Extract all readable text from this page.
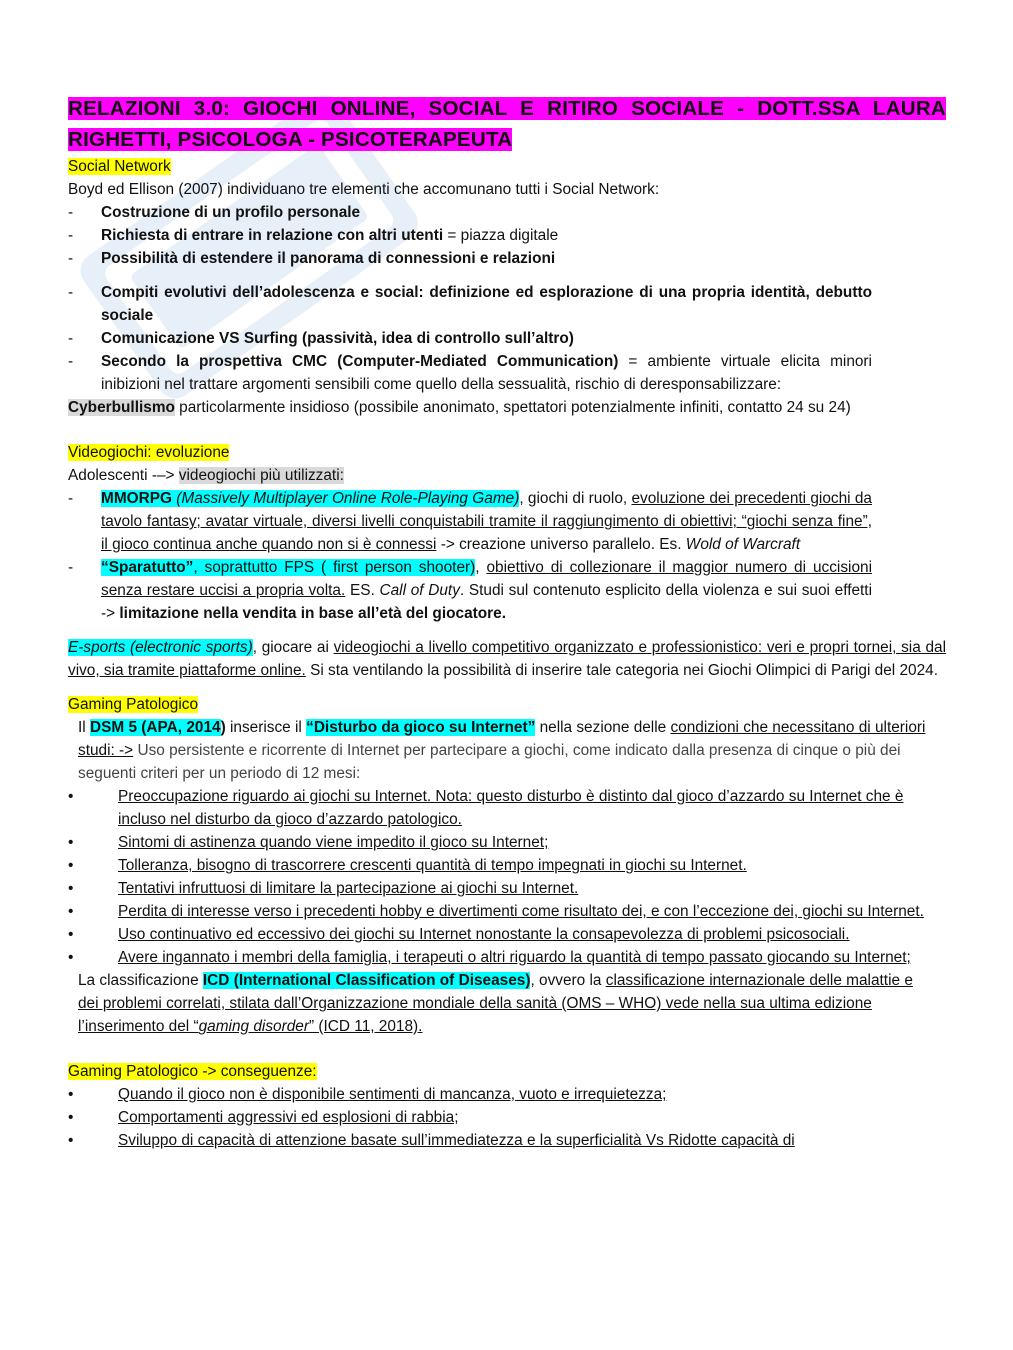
RELAZIONI 3.0: GIOCHI ONLINE, SOCIAL E RITIRO SOCIALE - DOTT.SSA LAURA RIGHETTI, PSICOLOGA - PSICOTERAPEUTA

Social Network

Boyd ed Ellison (2007) individuano tre elementi che accomunano tutti i Social Network:

-	Costruzione di un profilo personale
-	Richiesta di entrare in relazione con altri utenti = piazza digitale
-	Possibilità di estendere il panorama di connessioni e relazioni
-	Compiti evolutivi dell’adolescenza e social: definizione ed esplorazione di una propria identità, debutto sociale
-	Comunicazione VS Surfing (passività, idea di controllo sull’altro)
-	Secondo la prospettiva CMC (Computer-Mediated Communication) = ambiente virtuale elicita minori inibizioni nel trattare argomenti sensibili come quello della sessualità, rischio di deresponsabilizzare:

Cyberbullismo particolarmente insidioso (possibile anonimato, spettatori potenzialmente infiniti, contatto 24 su 24)

Videogiochi: evoluzione

Adolescenti -–> videogiochi più utilizzati:

-	MMORPG (Massively Multiplayer Online Role-Playing Game), giochi di ruolo, evoluzione dei precedenti giochi da tavolo fantasy; avatar virtuale, diversi livelli conquistabili tramite il raggiungimento di obiettivi; “giochi senza fine”, il gioco continua anche quando non si è connessi -> creazione universo parallelo. Es. Wold of Warcraft
-	“Sparatutto”, soprattutto FPS ( first person shooter), obiettivo di collezionare il maggior numero di uccisioni senza restare uccisi a propria volta. ES. Call of Duty. Studi sul contenuto esplicito della violenza e sui suoi effetti -> limitazione nella vendita in base all’età del giocatore.

E-sports (electronic sports), giocare ai videogiochi a livello competitivo organizzato e professionistico: veri e propri tornei, sia dal vivo, sia tramite piattaforme online. Si sta ventilando la possibilità di inserire tale categoria nei Giochi Olimpici di Parigi del 2024.

Gaming Patologico

Il DSM 5 (APA, 2014) inserisce il “Disturbo da gioco su Internet” nella sezione delle condizioni che necessitano di ulteriori studi: -> Uso persistente e ricorrente di Internet per partecipare a giochi, come indicato dalla presenza di cinque o più dei seguenti criteri per un periodo di 12 mesi:

•	Preoccupazione riguardo ai giochi su Internet. Nota: questo disturbo è distinto dal gioco d’azzardo su Internet che è incluso nel disturbo da gioco d’azzardo patologico.
•	Sintomi di astinenza quando viene impedito il gioco su Internet;
•	Tolleranza, bisogno di trascorrere crescenti quantità di tempo impegnati in giochi su Internet.
•	Tentativi infruttuosi di limitare la partecipazione ai giochi su Internet.
•	Perdita di interesse verso i precedenti hobby e divertimenti come risultato dei, e con l’eccezione dei, giochi su Internet.
•	Uso continuativo ed eccessivo dei giochi su Internet nonostante la consapevolezza di problemi psicosociali.
•	Avere ingannato i membri della famiglia, i terapeuti o altri riguardo la quantità di tempo passato giocando su Internet;

La classificazione ICD (International Classification of Diseases), ovvero la classificazione internazionale delle malattie e dei problemi correlati, stilata dall’Organizzazione mondiale della sanità (OMS – WHO) vede nella sua ultima edizione l’inserimento del “gaming disorder” (ICD 11, 2018).

Gaming Patologico -> conseguenze:

•	Quando il gioco non è disponibile sentimenti di mancanza, vuoto e irrequietezza;
•	Comportamenti aggressivi ed esplosioni di rabbia;
•	Sviluppo di capacità di attenzione basate sull’immediatezza e la superficialità Vs Ridotte capacità di
